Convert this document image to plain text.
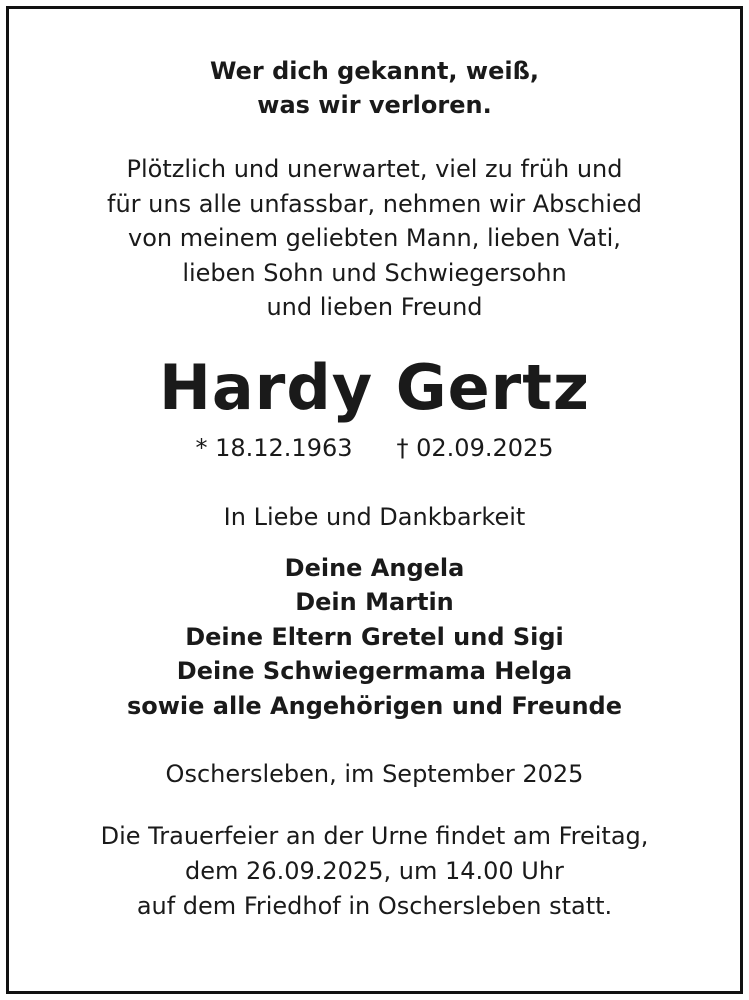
Wer dich gekannt, weiß,
was wir verloren.
Plötzlich und unerwartet, viel zu früh und
für uns alle unfassbar, nehmen wir Abschied
von meinem geliebten Mann, lieben Vati,
lieben Sohn und Schwiegersohn
und lieben Freund
Hardy Gertz
* 18.12.1963 † 02.09.2025
In Liebe und Dankbarkeit
Deine Angela
Dein Martin
Deine Eltern Gretel und Sigi
Deine Schwiegermama Helga
sowie alle Angehörigen und Freunde
Oschersleben, im September 2025
Die Trauerfeier an der Urne findet am Freitag,
dem 26.09.2025, um 14.00 Uhr
auf dem Friedhof in Oschersleben statt.
